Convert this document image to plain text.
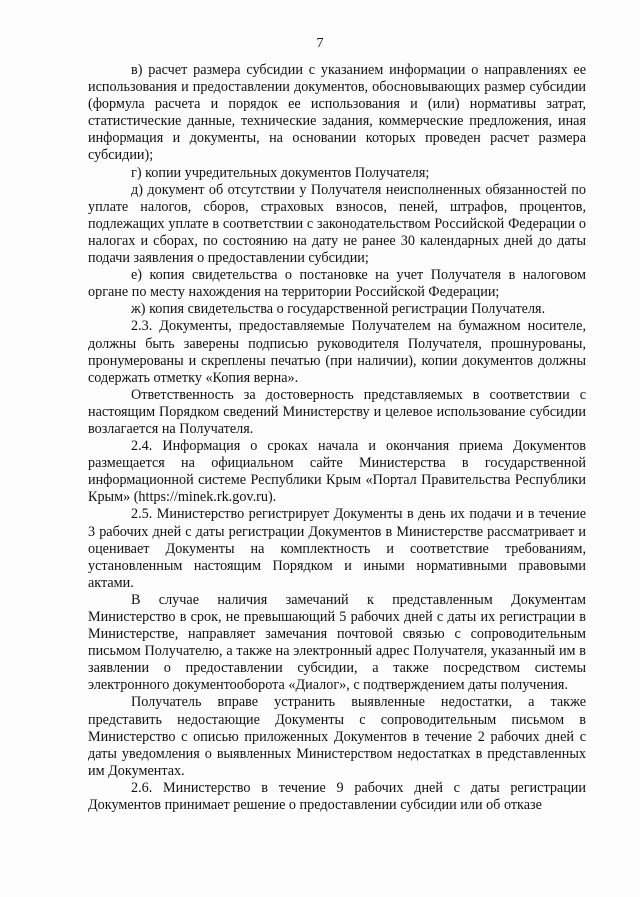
7

в) расчет размера субсидии с указанием информации о направлениях ее использования и предоставлении документов, обосновывающих размер субсидии (формула расчета и порядок ее использования и (или) нормативы затрат, статистические данные, технические задания, коммерческие предложения, иная информация и документы, на основании которых проведен расчет размера субсидии);

г) копии учредительных документов Получателя;

д) документ об отсутствии у Получателя неисполненных обязанностей по уплате налогов, сборов, страховых взносов, пеней, штрафов, процентов, подлежащих уплате в соответствии с законодательством Российской Федерации о налогах и сборах, по состоянию на дату не ранее 30 календарных дней до даты подачи заявления о предоставлении субсидии;

е) копия свидетельства о постановке на учет Получателя в налоговом органе по месту нахождения на территории Российской Федерации;

ж) копия свидетельства о государственной регистрации Получателя.

2.3. Документы, предоставляемые Получателем на бумажном носителе, должны быть заверены подписью руководителя Получателя, прошнурованы, пронумерованы и скреплены печатью (при наличии), копии документов должны содержать отметку «Копия верна».

Ответственность за достоверность представляемых в соответствии с настоящим Порядком сведений Министерству и целевое использование субсидии возлагается на Получателя.

2.4. Информация о сроках начала и окончания приема Документов размещается на официальном сайте Министерства в государственной информационной системе Республики Крым «Портал Правительства Республики Крым» (https://minek.rk.gov.ru).

2.5. Министерство регистрирует Документы в день их подачи и в течение 3 рабочих дней с даты регистрации Документов в Министерстве рассматривает и оценивает Документы на комплектность и соответствие требованиям, установленным настоящим Порядком и иными нормативными правовыми актами.

В случае наличия замечаний к представленным Документам Министерство в срок, не превышающий 5 рабочих дней с даты их регистрации в Министерстве, направляет замечания почтовой связью с сопроводительным письмом Получателю, а также на электронный адрес Получателя, указанный им в заявлении о предоставлении субсидии, а также посредством системы электронного документооборота «Диалог», с подтверждением даты получения.

Получатель вправе устранить выявленные недостатки, а также представить недостающие Документы с сопроводительным письмом в Министерство с описью приложенных Документов в течение 2 рабочих дней с даты уведомления о выявленных Министерством недостатках в представленных им Документах.

2.6. Министерство в течение 9 рабочих дней с даты регистрации Документов принимает решение о предоставлении субсидии или об отказе
